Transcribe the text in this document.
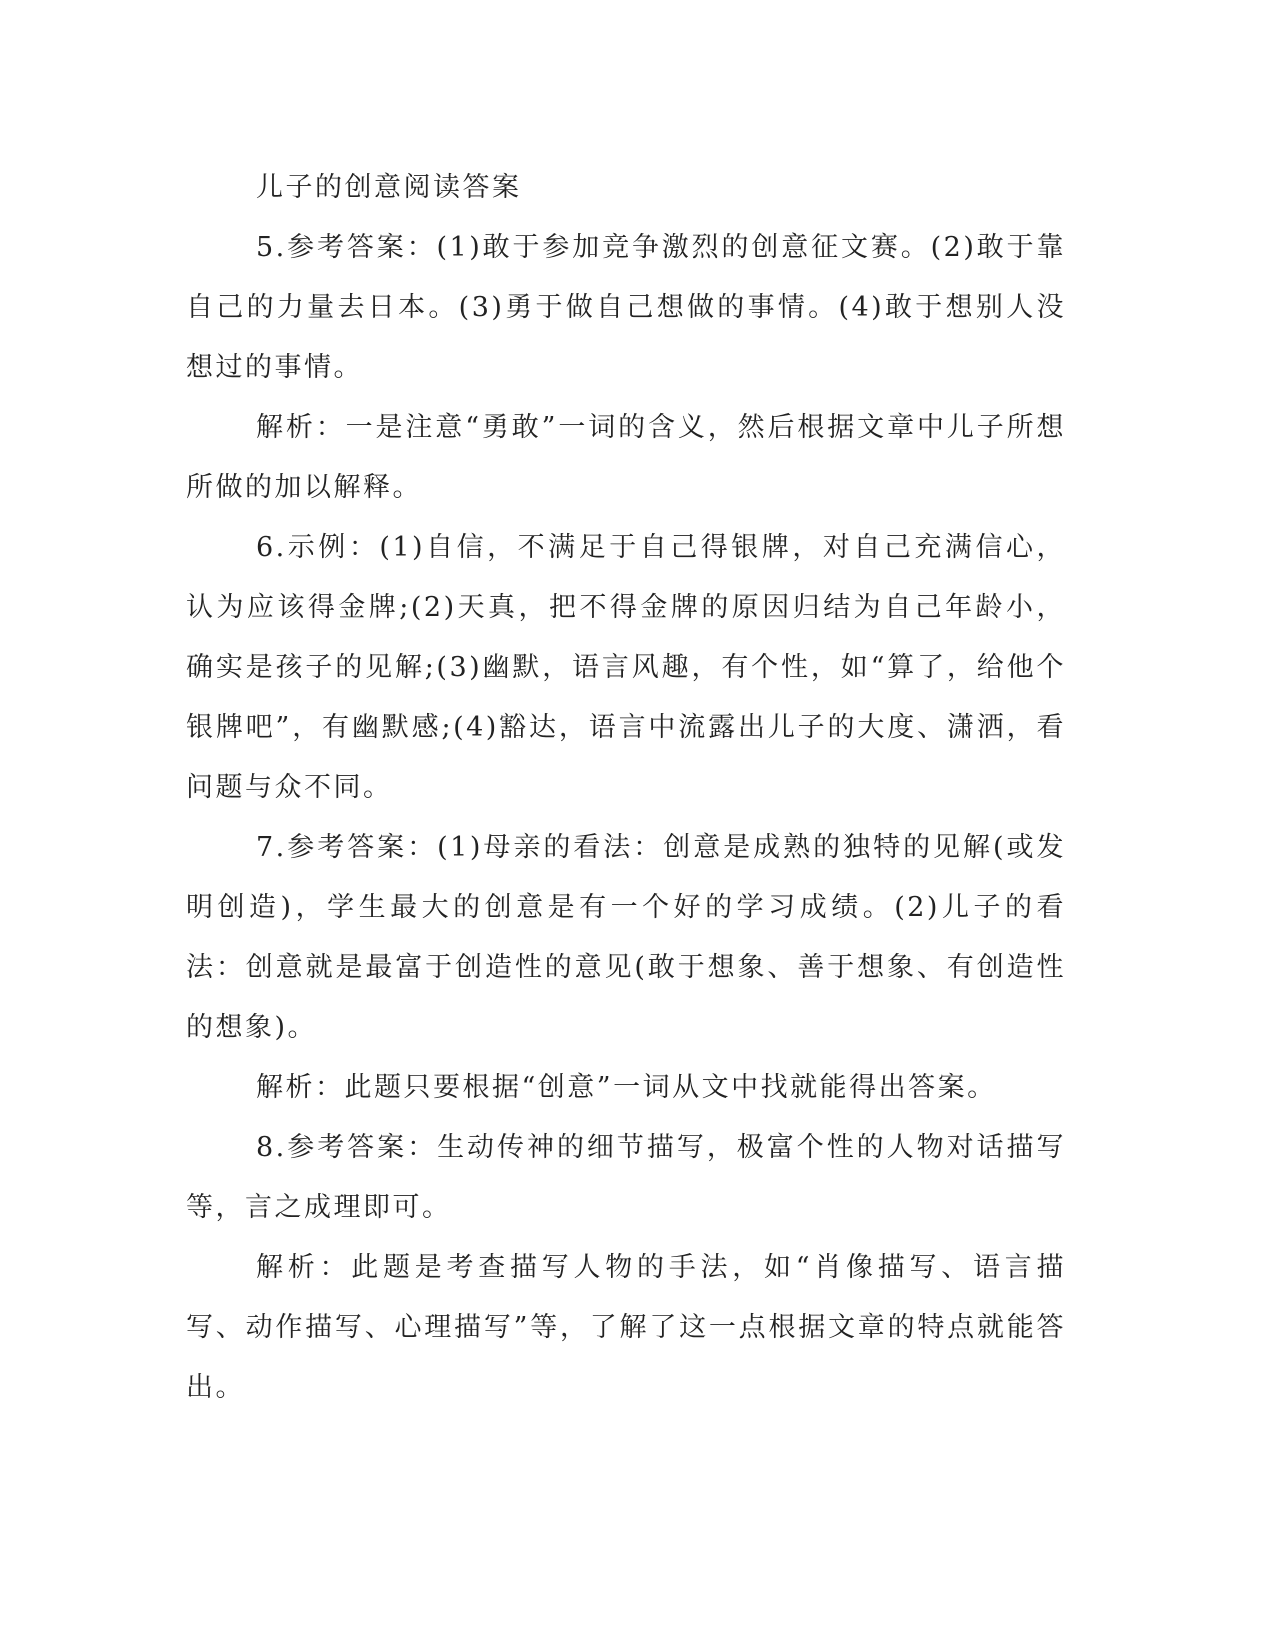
儿子的创意阅读答案

5.参考答案：(1)敢于参加竞争激烈的创意征文赛。(2)敢于靠自己的力量去日本。(3)勇于做自己想做的事情。(4)敢于想别人没想过的事情。

解析：一是注意“勇敢”一词的含义，然后根据文章中儿子所想所做的加以解释。

6.示例：(1)自信，不满足于自己得银牌，对自己充满信心，认为应该得金牌;(2)天真，把不得金牌的原因归结为自己年龄小，确实是孩子的见解;(3)幽默，语言风趣，有个性，如“算了，给他个银牌吧”，有幽默感;(4)豁达，语言中流露出儿子的大度、潇洒，看问题与众不同。

7.参考答案：(1)母亲的看法：创意是成熟的独特的见解(或发明创造)，学生最大的创意是有一个好的学习成绩。(2)儿子的看法：创意就是最富于创造性的意见(敢于想象、善于想象、有创造性的想象)。

解析：此题只要根据“创意”一词从文中找就能得出答案。

8.参考答案：生动传神的细节描写，极富个性的人物对话描写等，言之成理即可。

解析：此题是考查描写人物的手法，如“肖像描写、语言描写、动作描写、心理描写”等，了解了这一点根据文章的特点就能答出。
